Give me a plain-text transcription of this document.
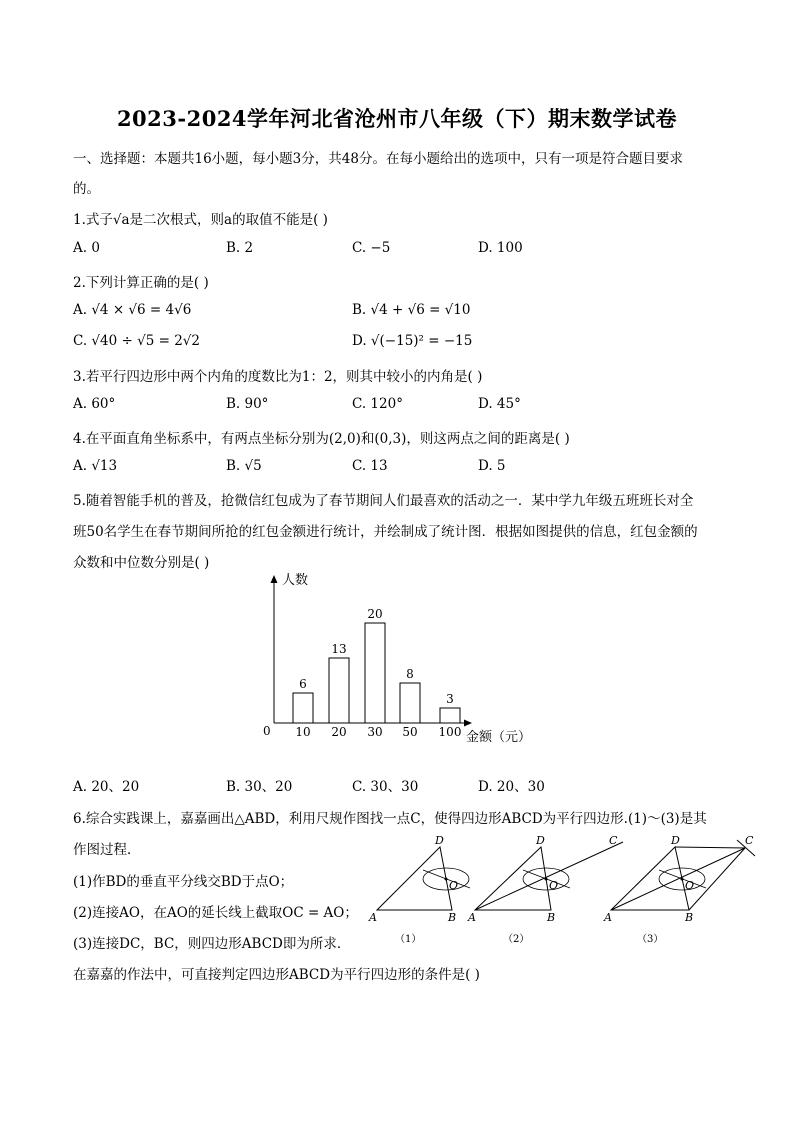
2023-2024学年河北省沧州市八年级（下）期末数学试卷
一、选择题：本题共16小题，每小题3分，共48分。在每小题给出的选项中，只有一项是符合题目要求
的。
1.式子√a是二次根式，则a的取值不能是( )
A. 0	B. 2	C. −5	D. 100
2.下列计算正确的是( )
A. √4 × √6 = 4√6	B. √4 + √6 = √10
C. √40 ÷ √5 = 2√2	D. √(−15)² = −15
3.若平行四边形中两个内角的度数比为1：2，则其中较小的内角是( )
A. 60°	B. 90°	C. 120°	D. 45°
4.在平面直角坐标系中，有两点坐标分别为(2,0)和(0,3)，则这两点之间的距离是( )
A. √13	B. √5	C. 13	D. 5
5.随着智能手机的普及，抢微信红包成为了春节期间人们最喜欢的活动之一．某中学九年级五班班长对全
班50名学生在春节期间所抢的红包金额进行统计，并绘制成了统计图．根据如图提供的信息，红包金额的
众数和中位数分别是( )
人数
金额（元）
0
6
10
13
20
20
30
8
50
3
100
A. 20、20	B. 30、20	C. 30、30	D. 20、30
6.综合实践课上，嘉嘉画出△ABD，利用尺规作图找一点C，使得四边形ABCD为平行四边形.(1)～(3)是其
作图过程．
(1)作BD的垂直平分线交BD于点O；
(2)连接AO，在AO的延长线上截取OC = AO；
(3)连接DC，BC，则四边形ABCD即为所求．
在嘉嘉的作法中，可直接判定四边形ABCD为平行四边形的条件是( )
D
O
A	B
（1）
D
O
A	B
C
（2）
D
O
A	B
C
（3）
